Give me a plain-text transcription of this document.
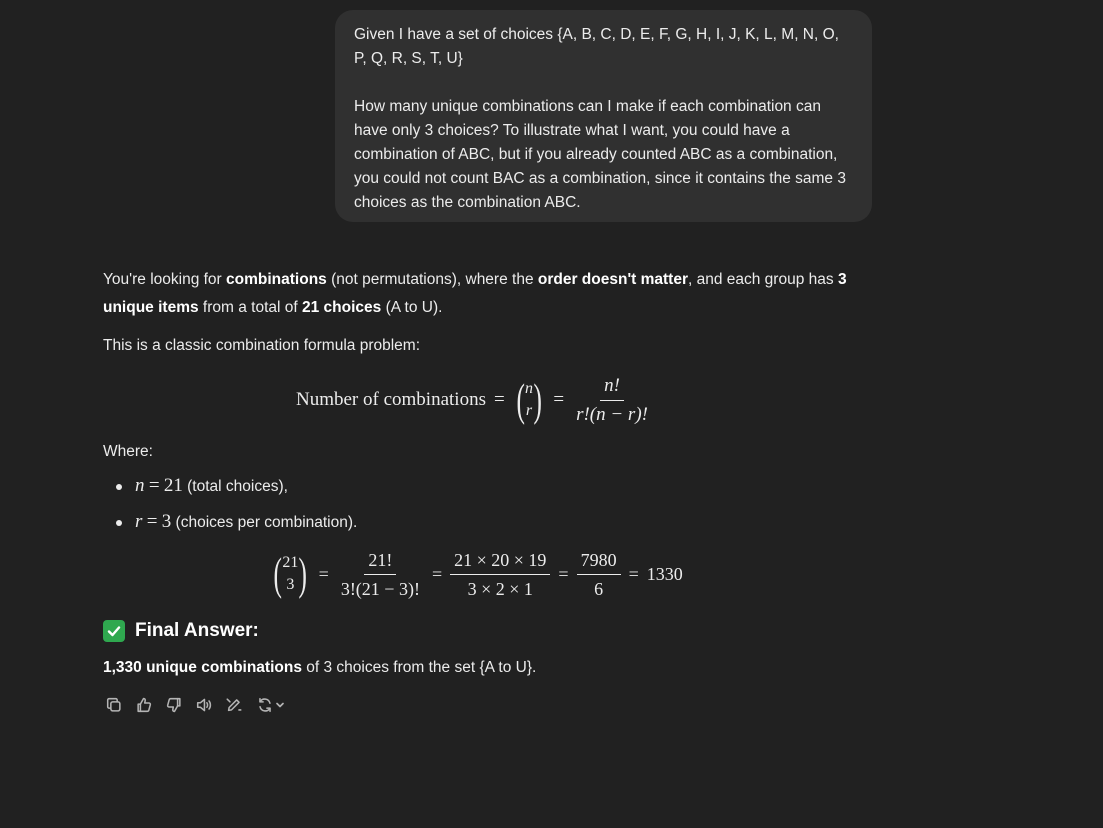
Given I have a set of choices {A, B, C, D, E, F, G, H, I, J, K, L, M, N, O, P, Q, R, S, T, U}

How many unique combinations can I make if each combination can have only 3 choices? To illustrate what I want, you could have a combination of ABC, but if you already counted ABC as a combination, you could not count BAC as a combination, since it contains the same 3 choices as the combination ABC.

You're looking for combinations (not permutations), where the order doesn't matter, and each group has 3 unique items from a total of 21 choices (A to U).

This is a classic combination formula problem:

Number of combinations = ( n
r ) = $\frac{n!}{r!(n - r)!}$

Where:

n = 21 (total choices),
r = 3 (choices per combination).
( 21
3 ) = $\frac{21!}{3!(21 - 3)!} = \frac{21 \times 20 \times 19}{3 \times 2 \times 1} = \frac{7980}{6} = 1330$
Final Answer:

1,330 unique combinations of 3 choices from the set {A to U}.
